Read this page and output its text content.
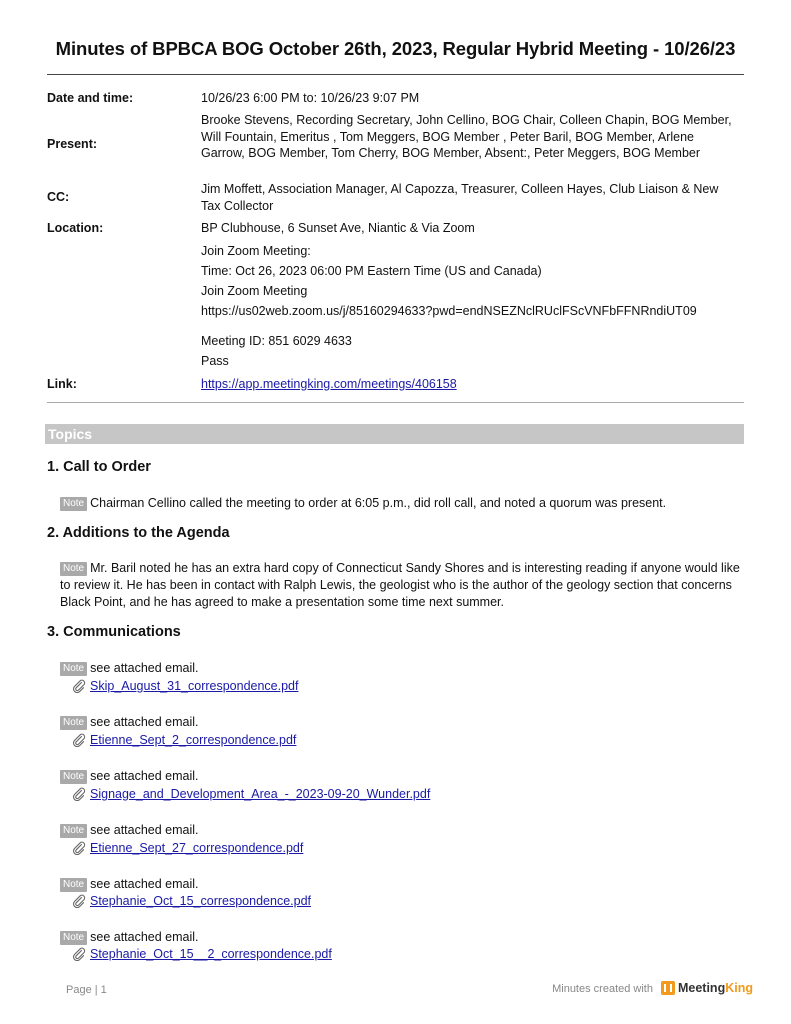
Minutes of BPBCA BOG October 26th, 2023, Regular Hybrid Meeting - 10/26/23
Date and time:	10/26/23 6:00 PM to: 10/26/23 9:07 PM
Present:
Brooke Stevens, Recording Secretary, John Cellino, BOG Chair, Colleen Chapin, BOG Member, Will Fountain, Emeritus , Tom Meggers, BOG Member , Peter Baril, BOG Member, Arlene Garrow, BOG Member, Tom Cherry, BOG Member, Absent:, Peter Meggers, BOG Member
CC:
Jim Moffett, Association Manager, Al Capozza, Treasurer, Colleen Hayes, Club Liaison & New Tax Collector
Location:	BP Clubhouse, 6 Sunset Ave, Niantic & Via Zoom
Join Zoom Meeting:
Time: Oct 26, 2023 06:00 PM Eastern Time (US and Canada)
Join Zoom Meeting
https://us02web.zoom.us/j/85160294633?pwd=endNSEZNclRUclFScVNFbFFNRndiUT09
Meeting ID: 851 6029 4633
Pass
Link:	https://app.meetingking.com/meetings/406158
Topics
1. Call to Order
Note Chairman Cellino called the meeting to order at 6:05 p.m., did roll call, and noted a quorum was present.
2. Additions to the Agenda
Note Mr. Baril noted he has an extra hard copy of Connecticut Sandy Shores and is interesting reading if anyone would like to review it. He has been in contact with Ralph Lewis, the geologist who is the author of the geology section that concerns Black Point, and he has agreed to make a presentation some time next summer.
3. Communications
Note see attached email.
Skip_August_31_correspondence.pdf
Note see attached email.
Etienne_Sept_2_correspondence.pdf
Note see attached email.
Signage_and_Development_Area_-_2023-09-20_Wunder.pdf
Note see attached email.
Etienne_Sept_27_correspondence.pdf
Note see attached email.
Stephanie_Oct_15_correspondence.pdf
Note see attached email.
Stephanie_Oct_15__2_correspondence.pdf
Page | 1	Minutes created with MeetingKing
